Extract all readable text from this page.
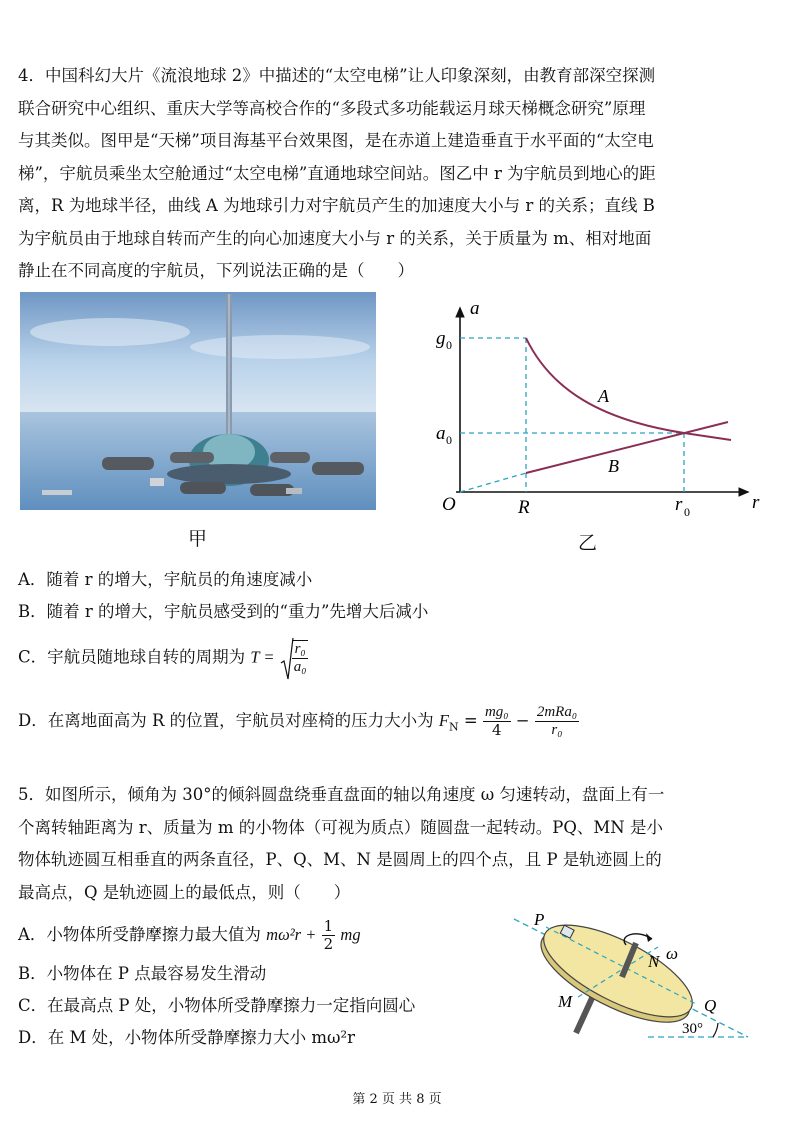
4．中国科幻大片《流浪地球 2》中描述的“太空电梯”让人印象深刻，由教育部深空探测
联合研究中心组织、重庆大学等高校合作的“多段式多功能载运月球天梯概念研究”原理
与其类似。图甲是“天梯”项目海基平台效果图，是在赤道上建造垂直于水平面的“太空电
梯”，宇航员乘坐太空舱通过“太空电梯”直通地球空间站。图乙中 r 为宇航员到地心的距
离，R 为地球半径，曲线 A 为地球引力对宇航员产生的加速度大小与 r 的关系；直线 B
为宇航员由于地球自转而产生的向心加速度大小与 r 的关系，关于质量为 m、相对地面
静止在不同高度的宇航员，下列说法正确的是（　　）
甲
a
r
O
g 0
a 0
R	r 0
A
B
乙
A．随着 r 的增大，宇航员的角速度减小
B．随着 r 的增大，宇航员感受到的“重力”先增大后减小
C．宇航员随地球自转的周期为 $T = \frac{\text{r₀}}{\text{a₀}}$
D．在离地面高为 R 的位置，宇航员对座椅的压力大小为 $F_N = \frac{\text{mg₀}}{4} - \frac{\text{2mRa₀}}{\text{r₀}}$
5．如图所示，倾角为 30°的倾斜圆盘绕垂直盘面的轴以角速度 ω 匀速转动，盘面上有一
个离转轴距离为 r、质量为 m 的小物体（可视为质点）随圆盘一起转动。PQ、MN 是小
物体轨迹圆互相垂直的两条直径，P、Q、M、N 是圆周上的四个点，且 P 是轨迹圆上的
最高点，Q 是轨迹圆上的最低点，则（　　）
A．小物体所受静摩擦力最大值为 $m\omega^2r + \frac{1}{2}$ mg
B．小物体在 P 点最容易发生滑动
C．在最高点 P 处，小物体所受静摩擦力一定指向圆心
D．在 M 处，小物体所受静摩擦力大小 mω²r
P
N ω
M	Q
30°
第 2 页 共 8 页
